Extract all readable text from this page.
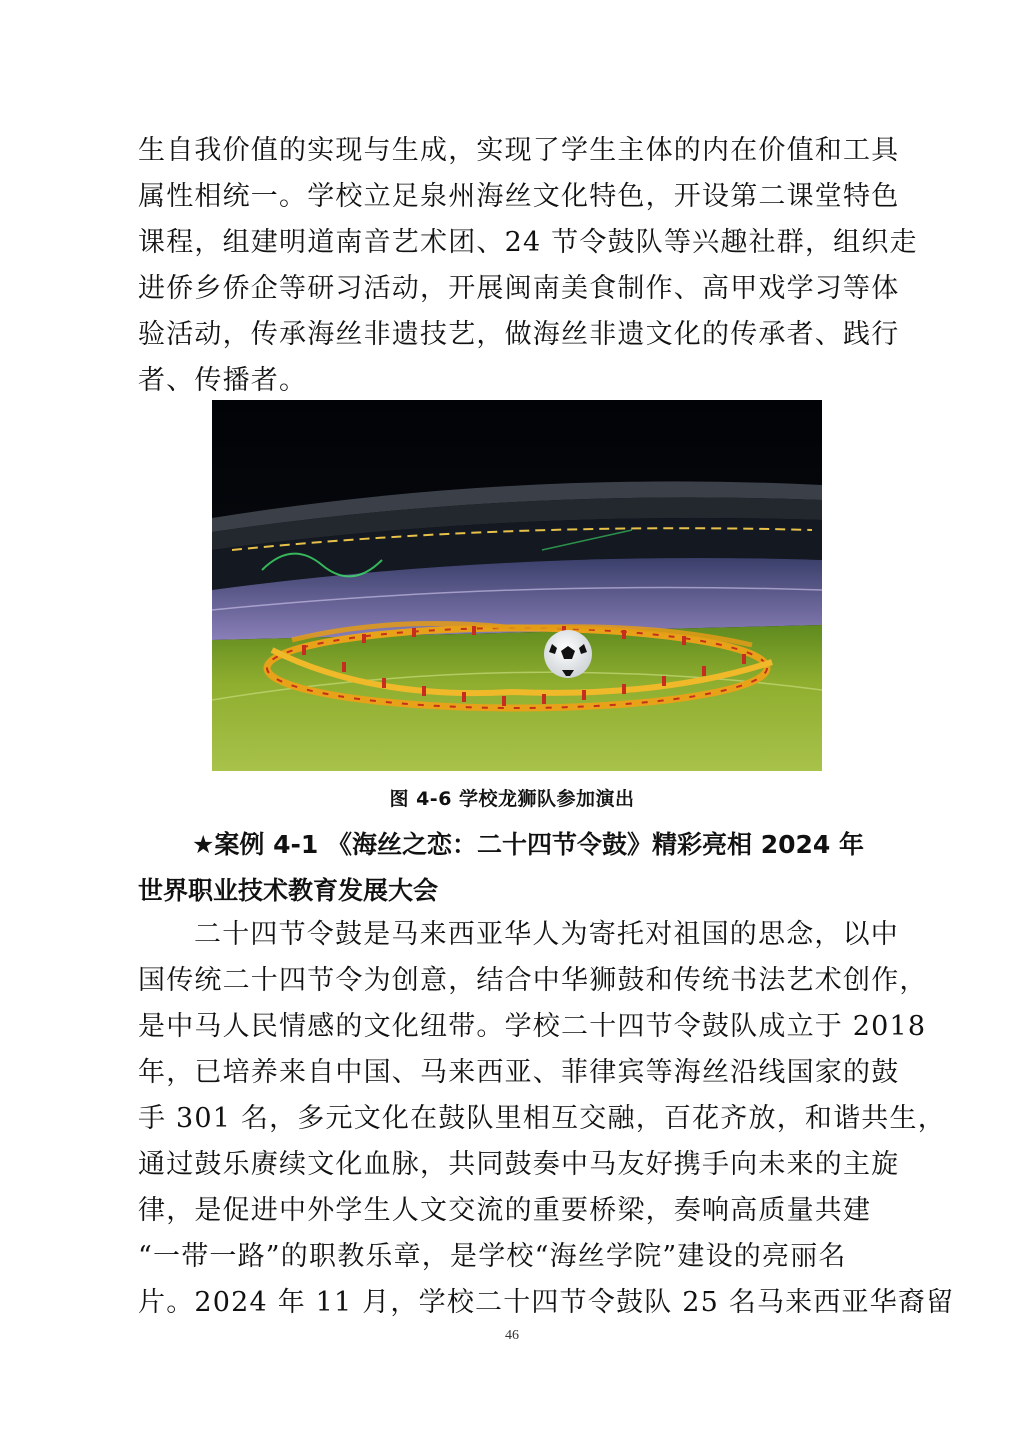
生自我价值的实现与生成，实现了学生主体的内在价值和工具
属性相统一。学校立足泉州海丝文化特色，开设第二课堂特色
课程，组建明道南音艺术团、24 节令鼓队等兴趣社群，组织走
进侨乡侨企等研习活动，开展闽南美食制作、高甲戏学习等体
验活动，传承海丝非遗技艺，做海丝非遗文化的传承者、践行
者、传播者。
图 4-6 学校龙狮队参加演出
★案例 4-1 《海丝之恋：二十四节令鼓》精彩亮相 2024 年
世界职业技术教育发展大会
二十四节令鼓是马来西亚华人为寄托对祖国的思念，以中
国传统二十四节令为创意，结合中华狮鼓和传统书法艺术创作，
是中马人民情感的文化纽带。学校二十四节令鼓队成立于 2018
年，已培养来自中国、马来西亚、菲律宾等海丝沿线国家的鼓
手 301 名，多元文化在鼓队里相互交融，百花齐放，和谐共生，
通过鼓乐赓续文化血脉，共同鼓奏中马友好携手向未来的主旋
律，是促进中外学生人文交流的重要桥梁，奏响高质量共建
“一带一路”的职教乐章，是学校“海丝学院”建设的亮丽名
片。2024 年 11 月，学校二十四节令鼓队 25 名马来西亚华裔留
46
